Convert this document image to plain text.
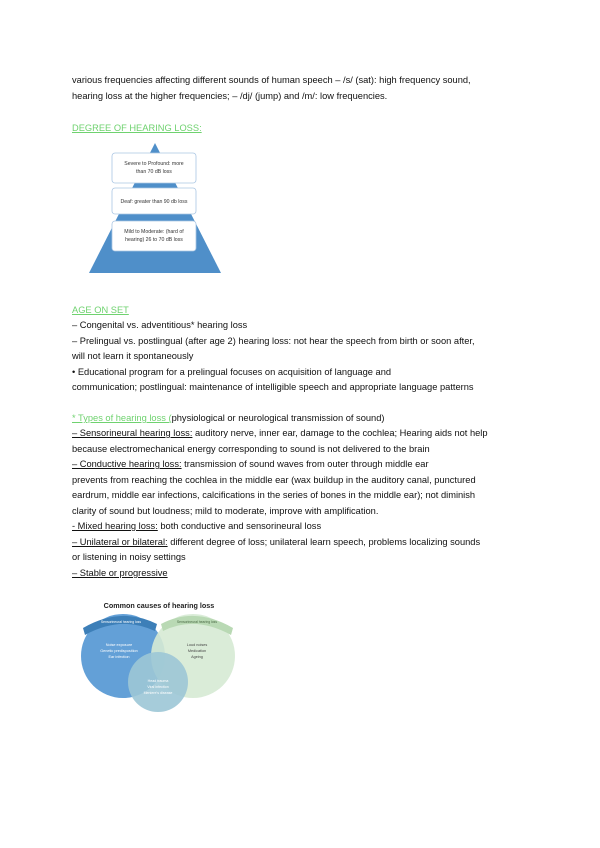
various frequencies affecting different sounds of human speech – /s/ (sat): high frequency sound,
hearing loss at the higher frequencies; – /dj/ (jump) and /m/: low frequencies.
DEGREE OF HEARING LOSS:
Severe to Profound: more
than 70 dB loss
Deaf: greater than 90 db loss
Mild to Moderate: (hard of
hearing) 26 to 70 dB loss
AGE ON SET
– Congenital vs. adventitious* hearing loss
– Prelingual vs. postlingual (after age 2) hearing loss: not hear the speech from birth or soon after,
will not learn it spontaneously
• Educational program for a prelingual focuses on acquisition of language and
communication; postlingual: maintenance of intelligible speech and appropriate language patterns
* Types of hearing loss (physiological or neurological transmission of sound)
– Sensorineural hearing loss: auditory nerve, inner ear, damage to the cochlea; Hearing aids not help
because electromechanical energy corresponding to sound is not delivered to the brain
– Conductive hearing loss: transmission of sound waves from outer through middle ear
prevents from reaching the cochlea in the middle ear (wax buildup in the auditory canal, punctured
eardrum, middle ear infections, calcifications in the series of bones in the middle ear); not diminish
clarity of sound but loudness; mild to moderate, improve with amplification.
- Mixed hearing loss: both conductive and sensorineural loss
– Unilateral or bilateral: different degree of loss; unilateral learn speech, problems localizing sounds
or listening in noisy settings
– Stable or progressive
Common causes of hearing loss
Sensorineural hearing loss	Sensorineural hearing loss
Noise exposure
Genetic predisposition
Ear infection
Loud noises
Medication
Ageing
Head trauma
Viral infection
Meniere's disease
